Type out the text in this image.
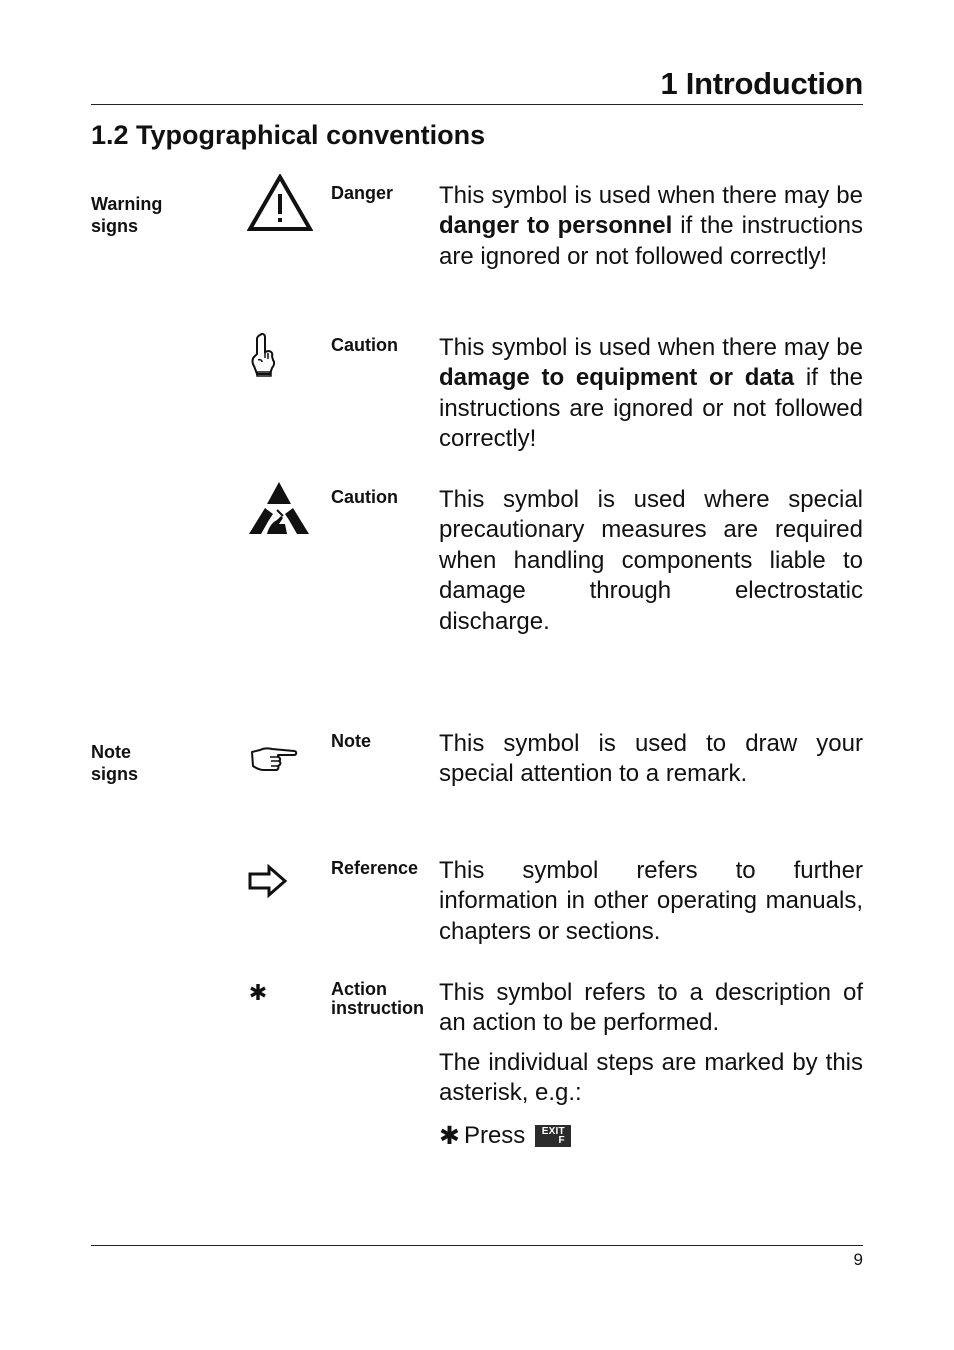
1 Introduction
1.2 Typographical conventions
Warning
signs
Danger	This symbol is used when there may be danger to personnel if the instructions are ignored or not followed correctly!

Caution	This symbol is used when there may be damage to equipment or data if the instructions are ignored or not followed correctly!

Caution	This symbol is used where special precautionary measures are required when handling components liable to damage through electrostatic discharge.

Note
signs
Note	This symbol is used to draw your special attention to a remark.

Reference This symbol refers to further information in other operating manuals, chapters or sections.

Action
instruction

This symbol refers to a description of an action to be performed.

The individual steps are marked by this asterisk, e.g.:

✱ Press EXIT
F
9
